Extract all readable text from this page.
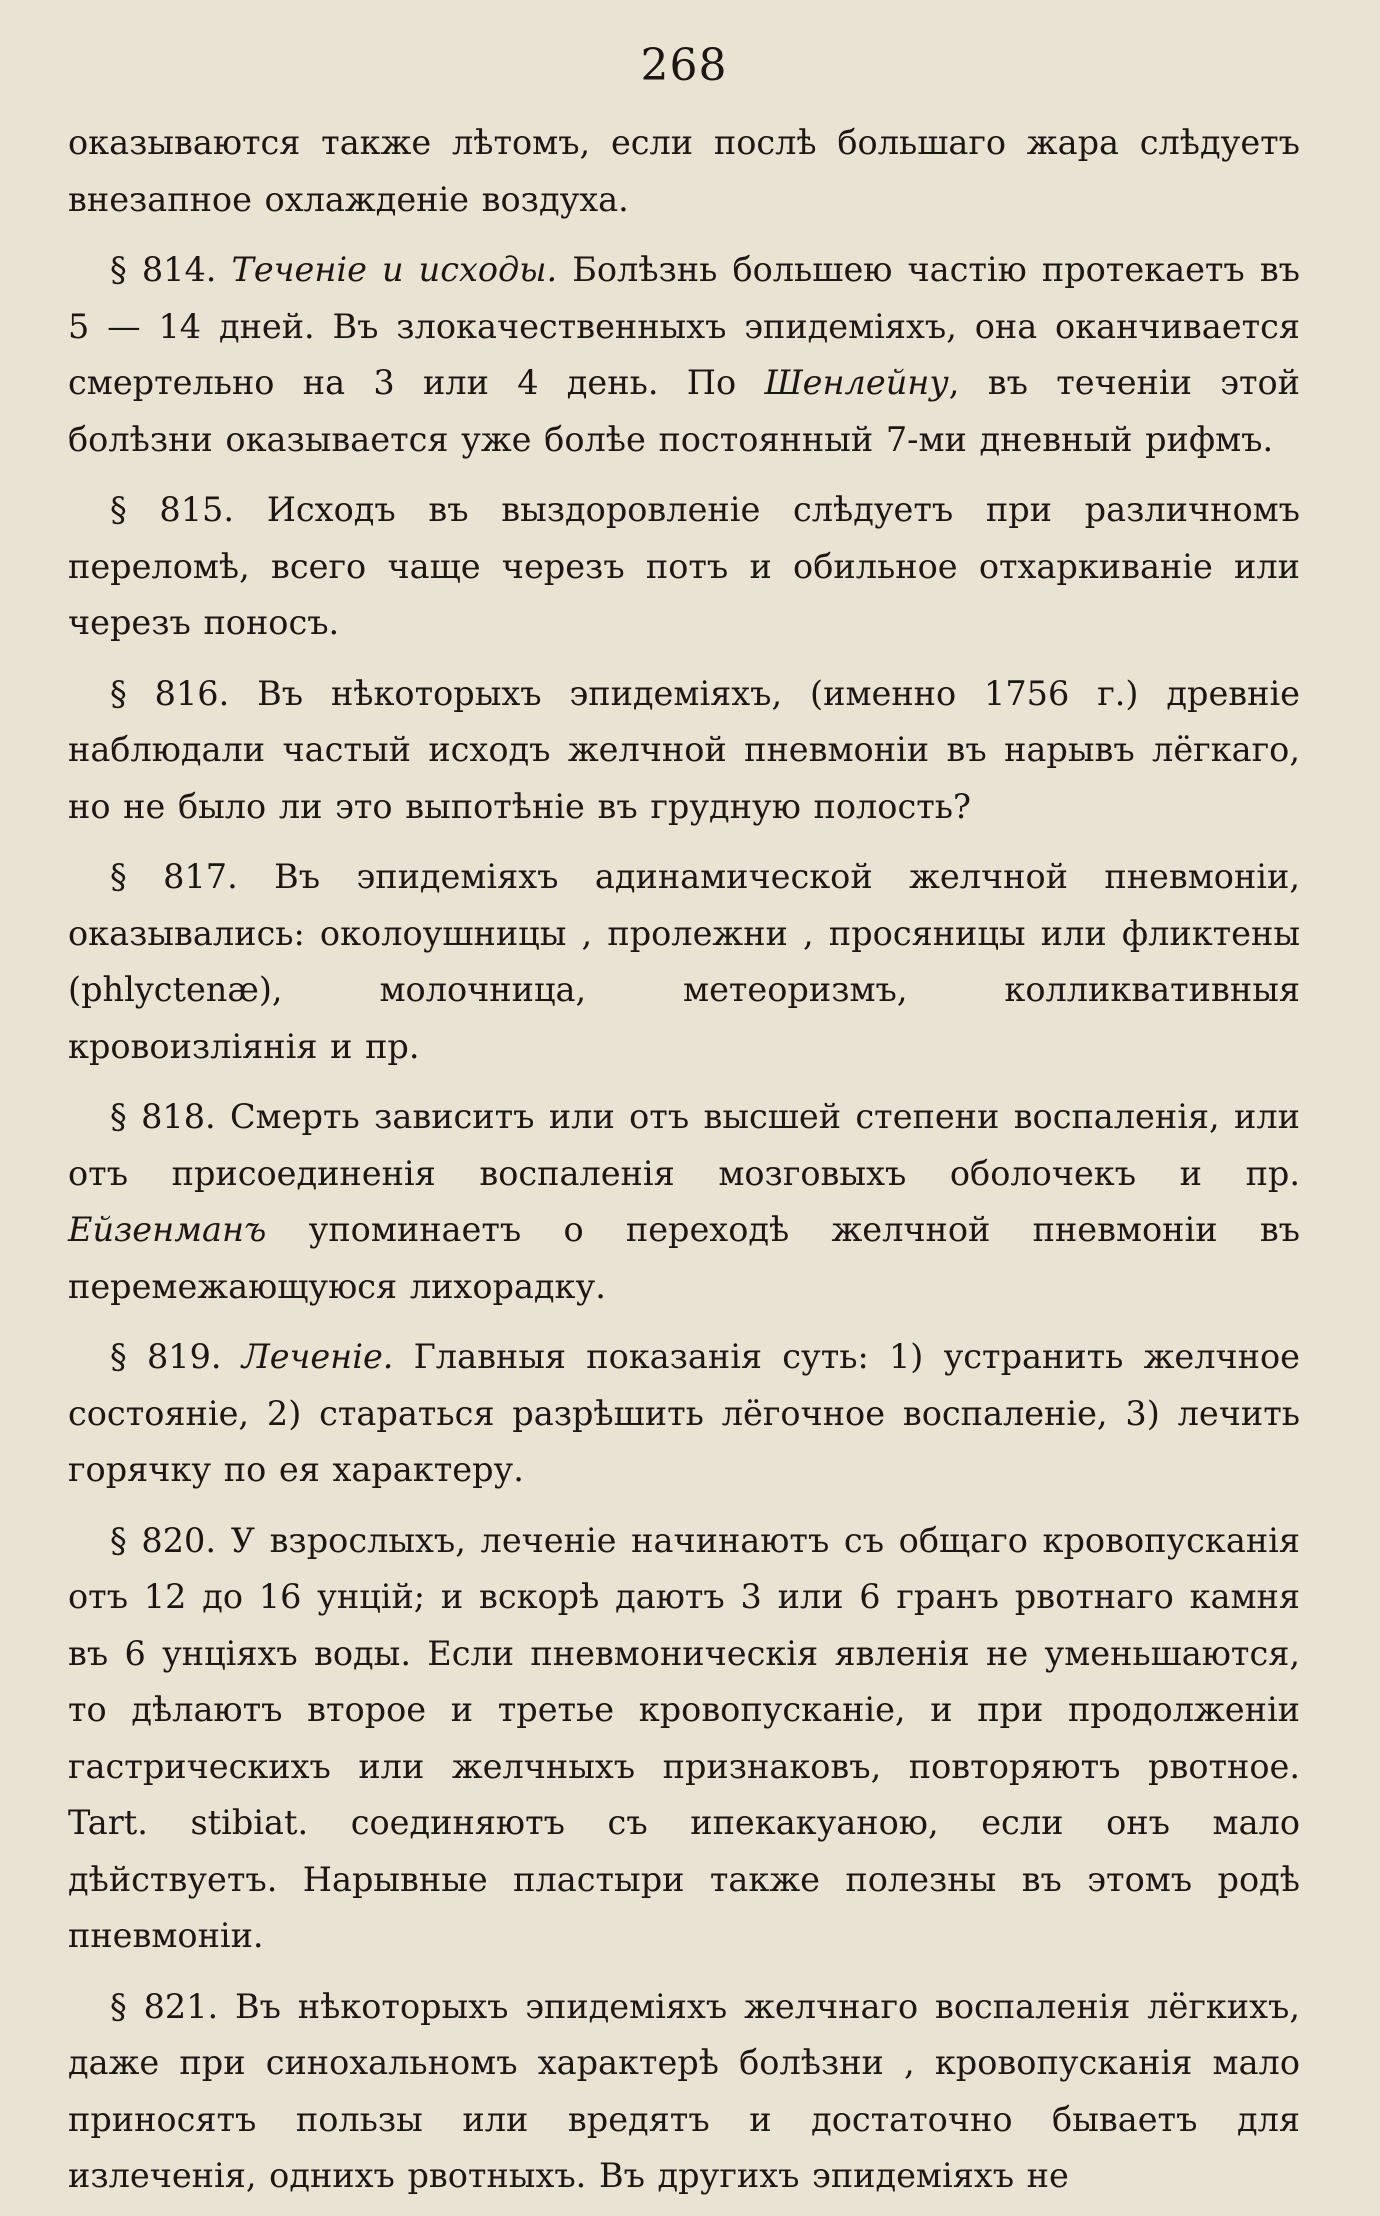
268

оказываются также лѣтомъ, если послѣ большаго жара слѣдуетъ внезапное охлажденіе воздуха.

§ 814. Теченіе и исходы. Болѣзнь большею частію протекаетъ въ 5 — 14 дней. Въ злокачественныхъ эпидеміяхъ, она оканчивается смертельно на 3 или 4 день. По Шенлейну, въ теченіи этой болѣзни оказывается уже болѣе постоянный 7-ми дневный рифмъ.

§ 815. Исходъ въ выздоровленіе слѣдуетъ при различномъ переломѣ, всего чаще черезъ потъ и обильное отхаркиваніе или черезъ поносъ.

§ 816. Въ нѣкоторыхъ эпидеміяхъ, (именно 1756 г.) древніе наблюдали частый исходъ желчной пневмоніи въ нарывъ лёгкаго, но не было ли это выпотѣніе въ грудную полость?

§ 817. Въ эпидеміяхъ адинамической желчной пневмоніи, оказывались: околоушницы , пролежни , просяницы или фликтены (phlyctenæ), молочница, метеоризмъ, колликвативныя кровоизліянія и пр.

§ 818. Смерть зависитъ или отъ высшей степени воспаленія, или отъ присоединенія воспаленія мозговыхъ оболочекъ и пр. Ейзенманъ упоминаетъ о переходѣ желчной пневмоніи въ перемежающуюся лихорадку.

§ 819. Леченіе. Главныя показанія суть: 1) устранить желчное состояніе, 2) стараться разрѣшить лёгочное воспаленіе, 3) лечить горячку по ея характеру.

§ 820. У взрослыхъ, леченіе начинаютъ съ общаго кровопусканія отъ 12 до 16 унцій; и вскорѣ даютъ 3 или 6 гранъ рвотнаго камня въ 6 унціяхъ воды. Если пневмоническія явленія не уменьшаются, то дѣлаютъ второе и третье кровопусканіе, и при продолженіи гастрическихъ или желчныхъ признаковъ, повторяютъ рвотное. Tart. stibiat. соединяютъ съ ипекакуаною, если онъ мало дѣйствуетъ. Нарывные пластыри также полезны въ этомъ родѣ пневмоніи.

§ 821. Въ нѣкоторыхъ эпидеміяхъ желчнаго воспаленія лёгкихъ, даже при синохальномъ характерѣ болѣзни , кровопусканія мало приносятъ пользы или вредятъ и достаточно бываетъ для излеченія, однихъ рвотныхъ. Въ другихъ эпидеміяхъ не
